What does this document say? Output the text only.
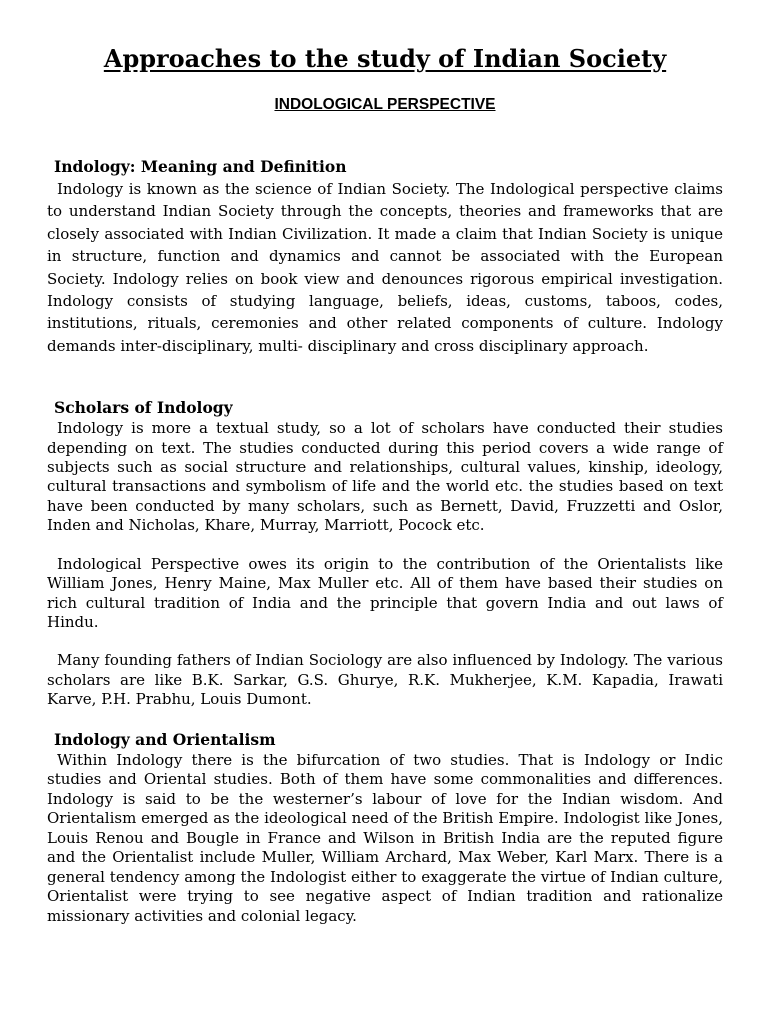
Approaches to the study of Indian Society
INDOLOGICAL PERSPECTIVE
Indology: Meaning and Definition

Indology is known as the science of Indian Society. The Indological perspective claims to understand Indian Society through the concepts, theories and frameworks that are closely associated with Indian Civilization. It made a claim that Indian Society is unique in structure, function and dynamics and cannot be associated with the European Society. Indology relies on book view and denounces rigorous empirical investigation. Indology consists of studying language, beliefs, ideas, customs, taboos, codes, institutions, rituals, ceremonies and other related components of culture. Indology demands inter-disciplinary, multi- disciplinary and cross disciplinary approach.

Scholars of Indology

Indology is more a textual study, so a lot of scholars have conducted their studies depending on text. The studies conducted during this period covers a wide range of subjects such as social structure and relationships, cultural values, kinship, ideology, cultural transactions and symbolism of life and the world etc. the studies based on text have been conducted by many scholars, such as Bernett, David, Fruzzetti and Oslor, Inden and Nicholas, Khare, Murray, Marriott, Pocock etc.

Indological Perspective owes its origin to the contribution of the Orientalists like William Jones, Henry Maine, Max Muller etc. All of them have based their studies on rich cultural tradition of India and the principle that govern India and out laws of Hindu.

Many founding fathers of Indian Sociology are also influenced by Indology. The various scholars are like B.K. Sarkar, G.S. Ghurye, R.K. Mukherjee, K.M. Kapadia, Irawati Karve, P.H. Prabhu, Louis Dumont.

Indology and Orientalism

Within Indology there is the bifurcation of two studies. That is Indology or Indic studies and Oriental studies. Both of them have some commonalities and differences. Indology is said to be the westerner’s labour of love for the Indian wisdom. And Orientalism emerged as the ideological need of the British Empire. Indologist like Jones, Louis Renou and Bougle in France and Wilson in British India are the reputed figure and the Orientalist include Muller, William Archard, Max Weber, Karl Marx. There is a general tendency among the Indologist either to exaggerate the virtue of Indian culture, Orientalist were trying to see negative aspect of Indian tradition and rationalize missionary activities and colonial legacy.
